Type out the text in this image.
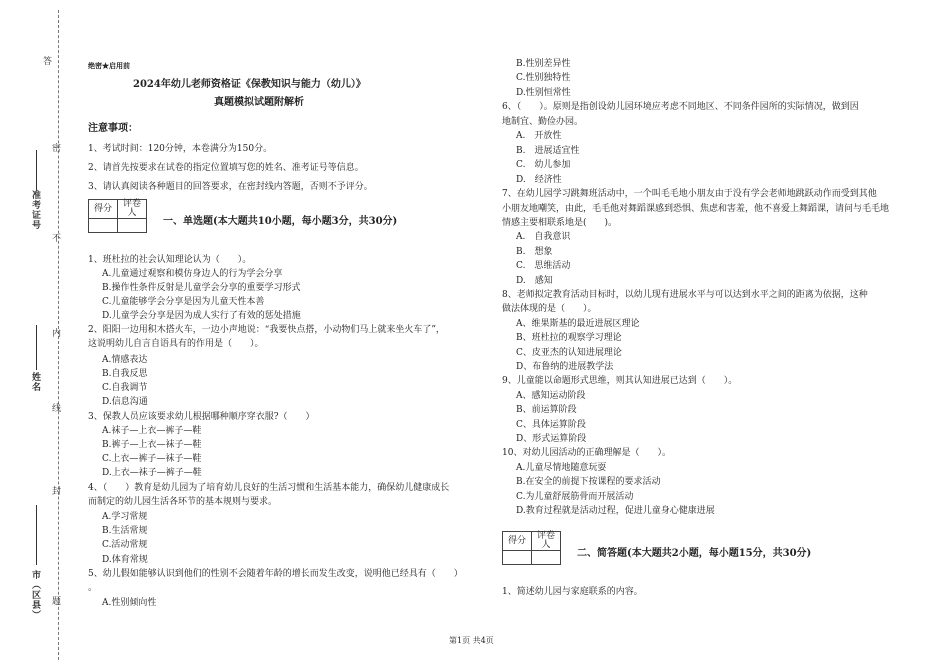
答
准考证号
姓名
市（区县） 题
不
内
线
封
密
绝密★启用前
2024年幼儿老师资格证《保教知识与能力（幼儿）》
真题模拟试题附解析
注意事项：
1、考试时间：120分钟，本卷满分为150分。
2、请首先按要求在试卷的指定位置填写您的姓名、准考证号等信息。
3、请认真阅读各种题目的回答要求，在密封线内答题，否则不予评分。
得分	评卷人

一、单选题(本大题共10小题，每小题3分，共30分)
1、班杜拉的社会认知理论认为（　　）。
A.儿童通过观察和模仿身边人的行为学会分享
B.操作性条件反射是儿童学会分享的重要学习形式
C.儿童能够学会分享是因为儿童天性本善
D.儿童学会分享是因为成人实行了有效的惩处措施
2、阳阳一边用积木搭火车，一边小声地说：“我要快点搭，小动物们马上就来坐火车了”，
这说明幼儿自言自语具有的作用是（　　）。
A.情感表达
B.自我反思
C.自我调节
D.信息沟通
3、保教人员应该要求幼儿根据哪种顺序穿衣服?（　　）
A.袜子—上衣—裤子—鞋
B.裤子—上衣—袜子—鞋
C.上衣—裤子—袜子—鞋
D.上衣—袜子—裤子—鞋
4、（　　）教育是幼儿园为了培育幼儿良好的生活习惯和生活基本能力，确保幼儿健康成长
而制定的幼儿园生活各环节的基本规则与要求。
A.学习常规
B.生活常规
C.活动常规
D.体育常规
5、幼儿假如能够认识到他们的性别不会随着年龄的增长而发生改变，说明他已经具有（　　）
。
A.性别倾向性
B.性别差异性
C.性别独特性
D.性别恒常性
6、（　　）。原则是指创设幼儿园环境应考虑不同地区、不同条件园所的实际情况，做到因
地制宜、勤俭办园。
A.　开放性
B.　进展适宜性
C.　幼儿参加
D.　经济性
7、在幼儿园学习跳舞班活动中，一个叫毛毛地小朋友由于没有学会老师地跳跃动作而受到其他
小朋友地嘲笑，由此，毛毛他对舞蹈课感到恐惧、焦虑和害羞，他不喜爱上舞蹈课，请问与毛毛地
情感主要相联系地是(　　)。
A.　自我意识
B.　想象
C.　思维活动
D.　感知
8、老师拟定教育活动目标时，以幼儿现有进展水平与可以达到水平之间的距离为依据，这种
做法体现的是（　　）。
A、维果斯基的最近进展区理论
B、班杜拉的观察学习理论
C、皮亚杰的认知进展理论
D、布鲁纳的进展教学法
9、儿童能以命题形式思维，则其认知进展已达到（　　）。
A、感知运动阶段
B、前运算阶段
C、具体运算阶段
D、形式运算阶段
10、对幼儿园活动的正确理解是（　　）。
A.儿童尽情地随意玩耍
B.在安全的前提下按课程的要求活动
C.为儿童舒展筋骨而开展活动
D.教育过程就是活动过程，促进儿童身心健康进展
得分	评卷人

二、简答题(本大题共2小题，每小题15分，共30分)
1、简述幼儿园与家庭联系的内容。
第1页 共4页
